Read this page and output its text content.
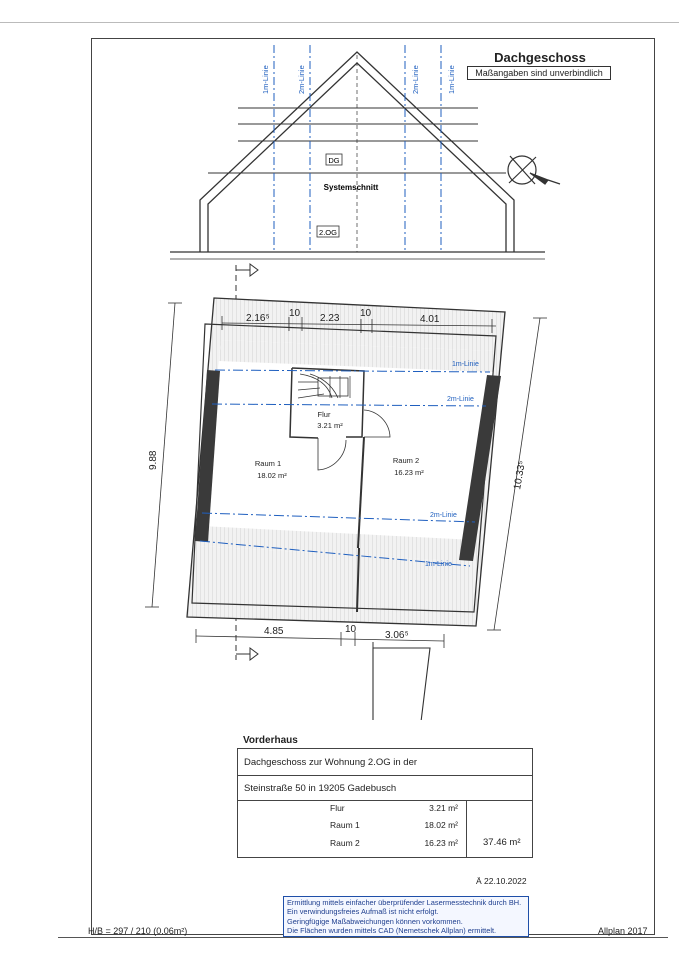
Dachgeschoss
Maßangaben sind unverbindlich
1m-Linie	2m-Linie	2m-Linie	1m-Linie
DG
Systemschnitt
2.OG
1m-Linie
2m-Linie
2m-Linie
1m-Linie
Flur
3.21 m²
Raum 1
18.02 m²
Raum 2
16.23 m²
2.16⁵ 10 2.23 10
4.01
4.85	10
3.06⁵
9.88	10.33⁵
Vorderhaus
Dachgeschoss zur Wohnung 2.OG in der
Steinstraße 50 in 19205 Gadebusch
Flur	3.21 m²
Raum 1	18.02 m²
Raum 2	16.23 m²	37.46 m²
Ä 22.10.2022
Ermittlung mittels einfacher überprüfender Lasermesstechnik durch BH.
Ein verwindungsfreies Aufmaß ist nicht erfolgt.
Geringfügige Maßabweichungen können vorkommen.
Die Flächen wurden mittels CAD (Nemetschek Allplan) ermittelt.
H/B = 297 / 210 (0.06m²)	Allplan 2017
